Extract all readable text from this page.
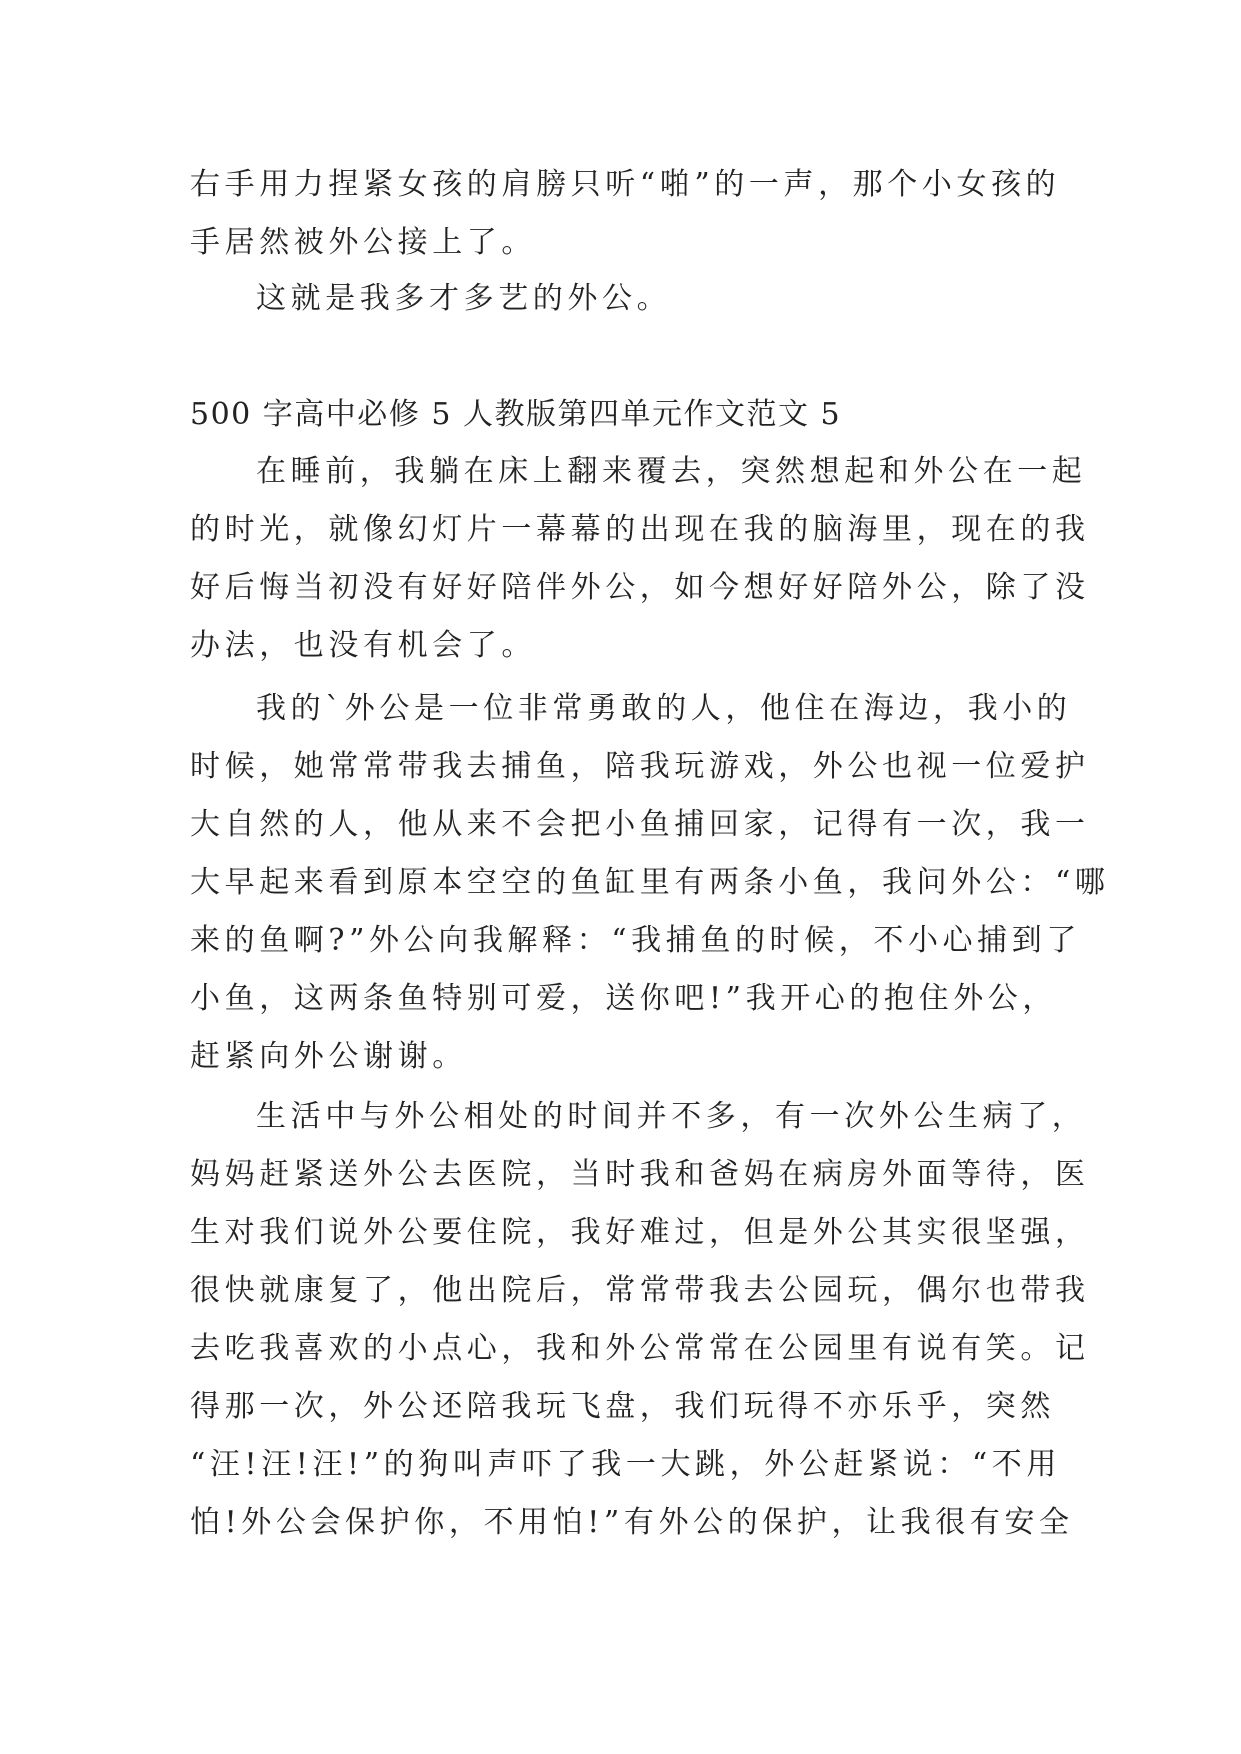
右手用力捏紧女孩的肩膀只听“啪”的一声，那个小女孩的
手居然被外公接上了。
这就是我多才多艺的外公。
500 字高中必修 5 人教版第四单元作文范文 5
在睡前，我躺在床上翻来覆去，突然想起和外公在一起
的时光，就像幻灯片一幕幕的出现在我的脑海里，现在的我
好后悔当初没有好好陪伴外公，如今想好好陪外公，除了没
办法，也没有机会了。
我的`外公是一位非常勇敢的人，他住在海边，我小的
时候，她常常带我去捕鱼，陪我玩游戏，外公也视一位爱护
大自然的人，他从来不会把小鱼捕回家，记得有一次，我一
大早起来看到原本空空的鱼缸里有两条小鱼，我问外公：“哪
来的鱼啊?”外公向我解释：“我捕鱼的时候，不小心捕到了
小鱼，这两条鱼特别可爱，送你吧!”我开心的抱住外公，
赶紧向外公谢谢。
生活中与外公相处的时间并不多，有一次外公生病了，
妈妈赶紧送外公去医院，当时我和爸妈在病房外面等待，医
生对我们说外公要住院，我好难过，但是外公其实很坚强，
很快就康复了，他出院后，常常带我去公园玩，偶尔也带我
去吃我喜欢的小点心，我和外公常常在公园里有说有笑。记
得那一次，外公还陪我玩飞盘，我们玩得不亦乐乎，突然
“汪!汪!汪!”的狗叫声吓了我一大跳，外公赶紧说：“不用
怕!外公会保护你，不用怕!”有外公的保护，让我很有安全
